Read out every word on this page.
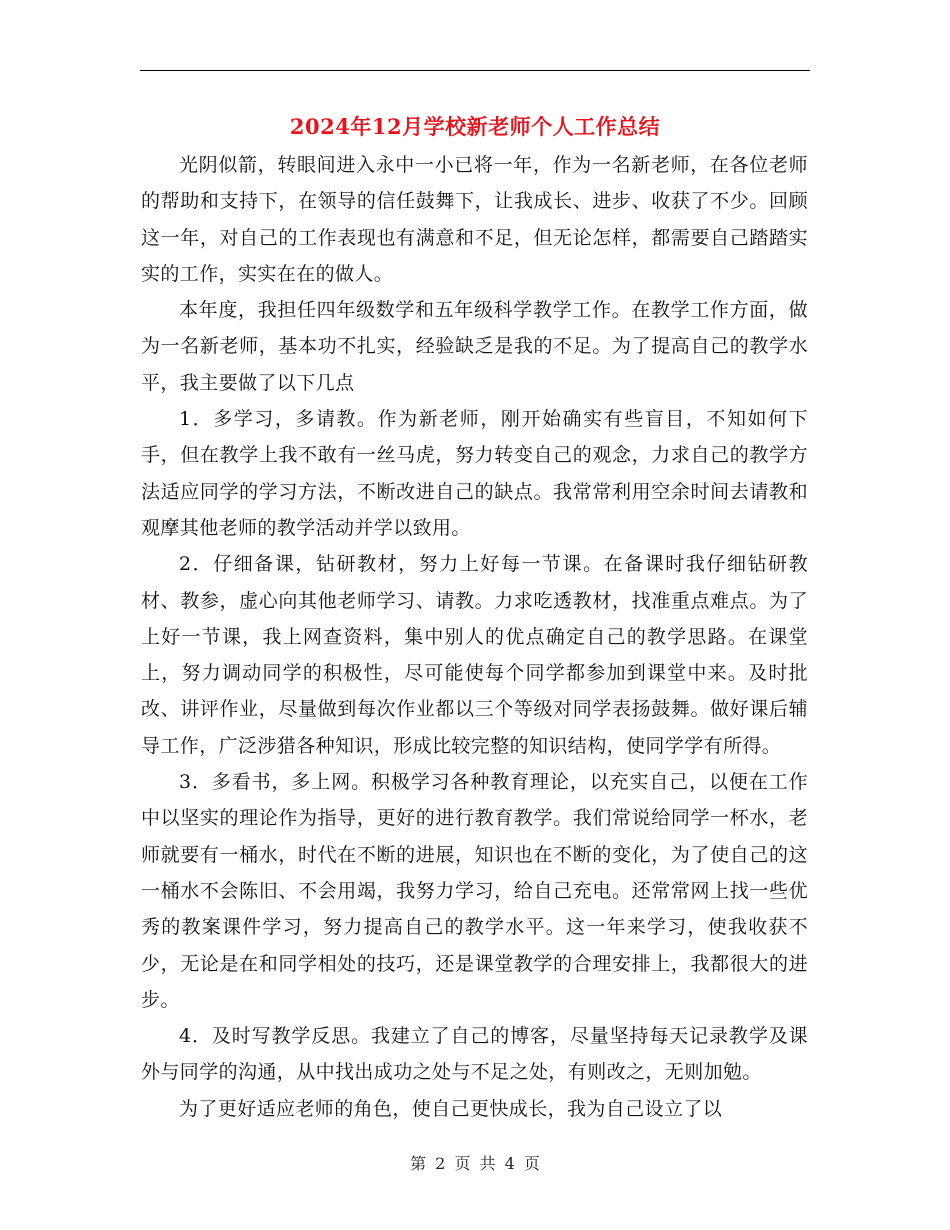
2024年12月学校新老师个人工作总结

光阴似箭，转眼间进入永中一小已将一年，作为一名新老师，在各位老师的帮助和支持下，在领导的信任鼓舞下，让我成长、进步、收获了不少。回顾这一年，对自己的工作表现也有满意和不足，但无论怎样，都需要自己踏踏实实的工作，实实在在的做人。

本年度，我担任四年级数学和五年级科学教学工作。在教学工作方面，做为一名新老师，基本功不扎实，经验缺乏是我的不足。为了提高自己的教学水平，我主要做了以下几点

1．多学习，多请教。作为新老师，刚开始确实有些盲目，不知如何下手，但在教学上我不敢有一丝马虎，努力转变自己的观念，力求自己的教学方法适应同学的学习方法，不断改进自己的缺点。我常常利用空余时间去请教和观摩其他老师的教学活动并学以致用。

2．仔细备课，钻研教材，努力上好每一节课。在备课时我仔细钻研教材、教参，虚心向其他老师学习、请教。力求吃透教材，找准重点难点。为了上好一节课，我上网查资料，集中别人的优点确定自己的教学思路。在课堂上，努力调动同学的积极性，尽可能使每个同学都参加到课堂中来。及时批改、讲评作业，尽量做到每次作业都以三个等级对同学表扬鼓舞。做好课后辅导工作，广泛涉猎各种知识，形成比较完整的知识结构，使同学学有所得。

3．多看书，多上网。积极学习各种教育理论，以充实自己，以便在工作中以坚实的理论作为指导，更好的进行教育教学。我们常说给同学一杯水，老师就要有一桶水，时代在不断的进展，知识也在不断的变化，为了使自己的这一桶水不会陈旧、不会用竭，我努力学习，给自己充电。还常常网上找一些优秀的教案课件学习，努力提高自己的教学水平。这一年来学习，使我收获不少，无论是在和同学相处的技巧，还是课堂教学的合理安排上，我都很大的进步。

4．及时写教学反思。我建立了自己的博客，尽量坚持每天记录教学及课外与同学的沟通，从中找出成功之处与不足之处，有则改之，无则加勉。

为了更好适应老师的角色，使自己更快成长，我为自己设立了以

第 2 页 共 4 页
